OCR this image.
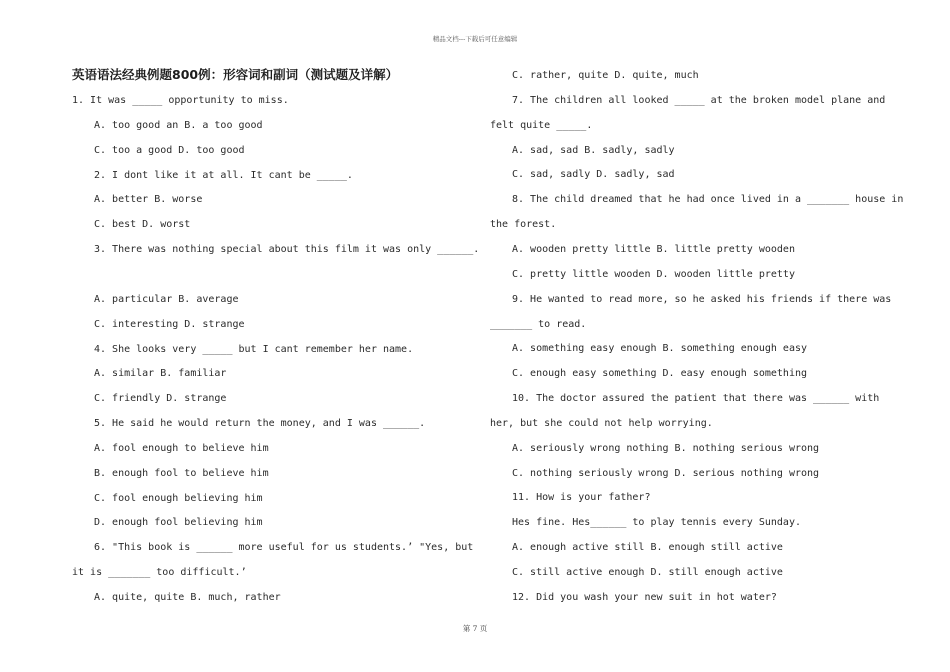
精品文档---下载后可任意编辑
英语语法经典例题800例：形容词和副词（测试题及详解）
1. It was _____ opportunity to miss.
A. too good an B. a too good
C. too a good D. too good
2. I dont like it at all. It cant be _____.
A. better B. worse
C. best D. worst
3. There was nothing special about this film it was only ______.
A. particular B. average
C. interesting D. strange
4. She looks very _____ but I cant remember her name.
A. similar B. familiar
C. friendly D. strange
5. He said he would return the money, and I was ______.
A. fool enough to believe him
B. enough fool to believe him
C. fool enough believing him
D. enough fool believing him
6. "This book is ______ more useful for us students.’ "Yes, but
it is _______ too difficult.’
A. quite, quite B. much, rather
C. rather, quite D. quite, much
7. The children all looked _____ at the broken model plane and
felt quite _____.
A. sad, sad B. sadly, sadly
C. sad, sadly D. sadly, sad
8. The child dreamed that he had once lived in a _______ house in
the forest.
A. wooden pretty little B. little pretty wooden
C. pretty little wooden D. wooden little pretty
9. He wanted to read more, so he asked his friends if there was
_______ to read.
A. something easy enough B. something enough easy
C. enough easy something D. easy enough something
10. The doctor assured the patient that there was ______ with
her, but she could not help worrying.
A. seriously wrong nothing B. nothing serious wrong
C. nothing seriously wrong D. serious nothing wrong
11. How is your father?
Hes fine. Hes______ to play tennis every Sunday.
A. enough active still B. enough still active
C. still active enough D. still enough active
12. Did you wash your new suit in hot water?
第 7 页
